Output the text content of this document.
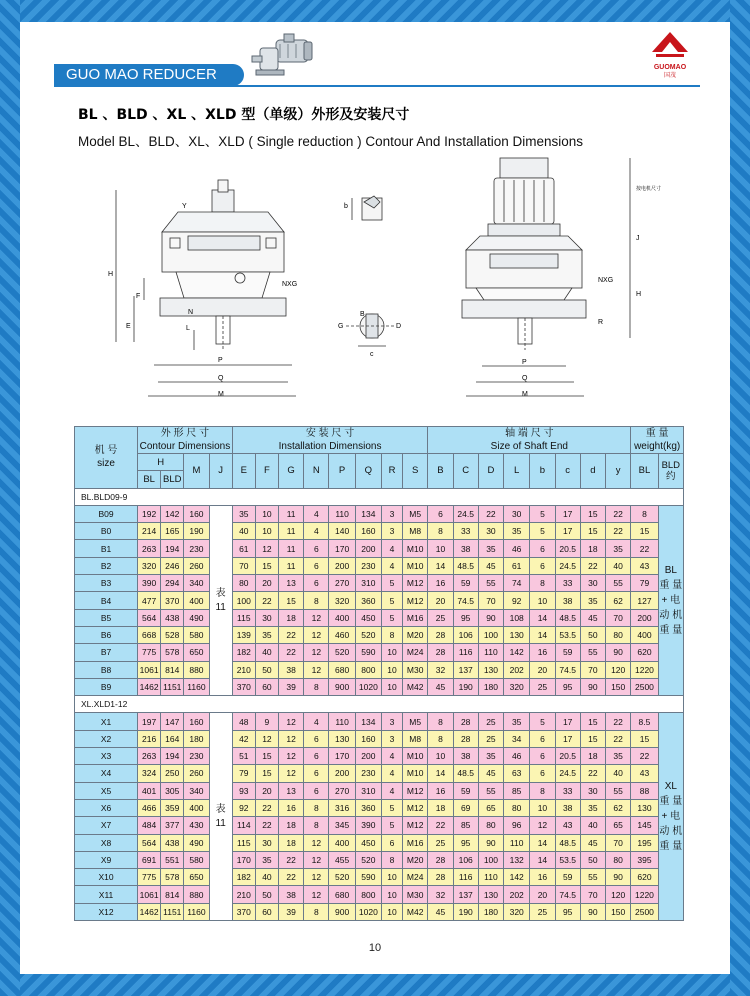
GUO MAO REDUCER	GUOMAO
国茂
BL 、BLD 、XL 、XLD 型（单级）外形及安装尺寸
Model BL、BLD、XL、XLD ( Single reduction ) Contour And Installation Dimensions
H
F
E
Y
L
P
Q
M
NXG
N
b
G	D
c
B
按电机尺寸
J
H
NXG
R
P
Q
M
机 号
size	外 形 尺 寸
Contour Dimensions				安 装 尺 寸
Installation Dimensions								轴 端 尺 寸
Size of Shaft End								重 量
weight(kg)	
	H		M	J	E	F	G	N	P	Q	R	S	B	C	D	L	b	c	d	y	BL	BLD
约
	BL	BLD																				
BL.BLD09-9																						
B09	192	142	160	表 11	35	10	11	4	110	134	3	M5	6	24.5	22	30	5	17	15	22	8	BL 重 量 + 电 动 机 重 量
B0	214	165	190		40	10	11	4	140	160	3	M8	8	33	30	35	5	17	15	22	15	
B1	263	194	230		61	12	11	6	170	200	4	M10	10	38	35	46	6	20.5	18	35	22	
B2	320	246	260		70	15	11	6	200	230	4	M10	14	48.5	45	61	6	24.5	22	40	43	
B3	390	294	340		80	20	13	6	270	310	5	M12	16	59	55	74	8	33	30	55	79	
B4	477	370	400		100	22	15	8	320	360	5	M12	20	74.5	70	92	10	38	35	62	127	
B5	564	438	490		115	30	18	12	400	450	5	M16	25	95	90	108	14	48.5	45	70	200	
B6	668	528	580		139	35	22	12	460	520	8	M20	28	106	100	130	14	53.5	50	80	400	
B7	775	578	650		182	40	22	12	520	590	10	M24	28	116	110	142	16	59	55	90	620	
B8	1061	814	880		210	50	38	12	680	800	10	M30	32	137	130	202	20	74.5	70	120	1220	
B9	1462	1151	1160		370	60	39	8	900	1020	10	M42	45	190	180	320	25	95	90	150	2500	
XL.XLD1-12																						
X1	197	147	160	表 11	48	9	12	4	110	134	3	M5	8	28	25	35	5	17	15	22	8.5	XL 重 量 + 电 动 机 重 量
X2	216	164	180		42	12	12	6	130	160	3	M8	8	28	25	34	6	17	15	22	15	
X3	263	194	230		51	15	12	6	170	200	4	M10	10	38	35	46	6	20.5	18	35	22	
X4	324	250	260		79	15	12	6	200	230	4	M10	14	48.5	45	63	6	24.5	22	40	43	
X5	401	305	340		93	20	13	6	270	310	4	M12	16	59	55	85	8	33	30	55	88	
X6	466	359	400		92	22	16	8	316	360	5	M12	18	69	65	80	10	38	35	62	130	
X7	484	377	430		114	22	18	8	345	390	5	M12	22	85	80	96	12	43	40	65	145	
X8	564	438	490		115	30	18	12	400	450	6	M16	25	95	90	110	14	48.5	45	70	195	
X9	691	551	580		170	35	22	12	455	520	8	M20	28	106	100	132	14	53.5	50	80	395	
X10	775	578	650		182	40	22	12	520	590	10	M24	28	116	110	142	16	59	55	90	620	
X11	1061	814	880		210	50	38	12	680	800	10	M30	32	137	130	202	20	74.5	70	120	1220	
X12	1462	1151	1160		370	60	39	8	900	1020	10	M42	45	190	180	320	25	95	90	150	2500	
10
